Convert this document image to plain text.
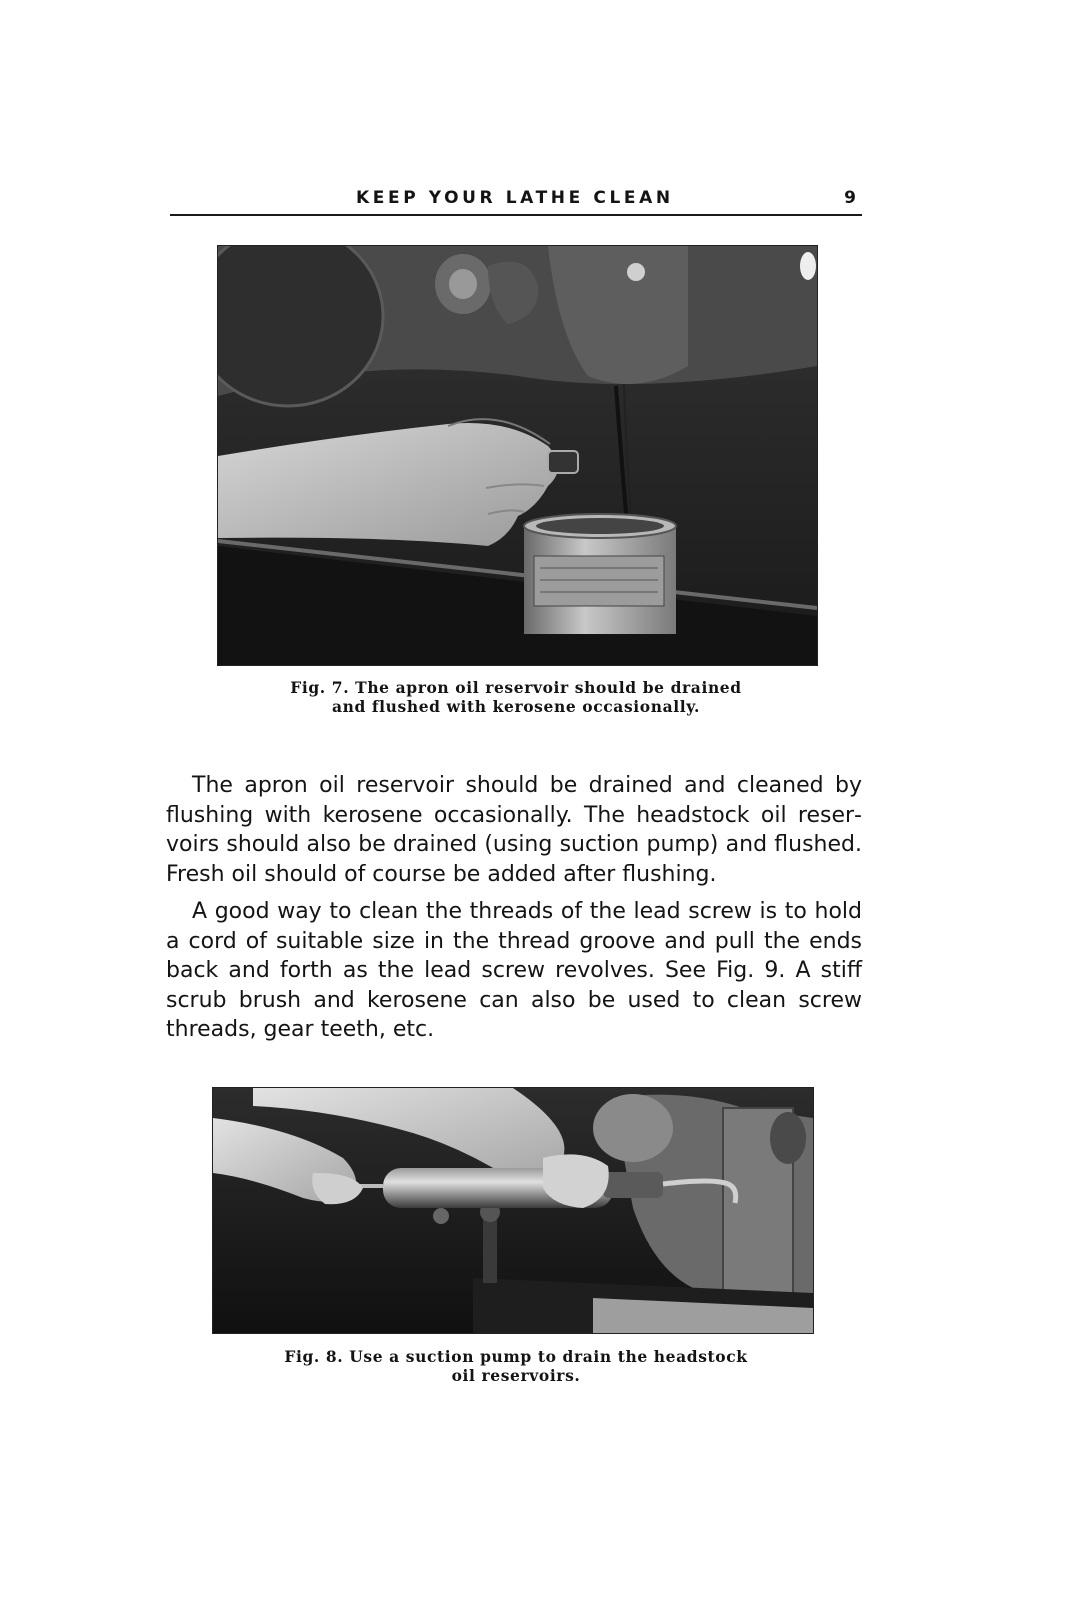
KEEP YOUR LATHE CLEAN	9
Fig. 7. The apron oil reservoir should be drained
and flushed with kerosene occasionally.

The apron oil reservoir should be drained and cleaned by flushing with kerosene occasionally. The headstock oil reservoirs should also be drained (using suction pump) and flushed. Fresh oil should of course be added after flushing.

A good way to clean the threads of the lead screw is to hold a cord of suitable size in the thread groove and pull the ends back and forth as the lead screw revolves. See Fig. 9. A stiff scrub brush and kerosene can also be used to clean screw threads, gear teeth, etc.

Fig. 8. Use a suction pump to drain the headstock
oil reservoirs.
